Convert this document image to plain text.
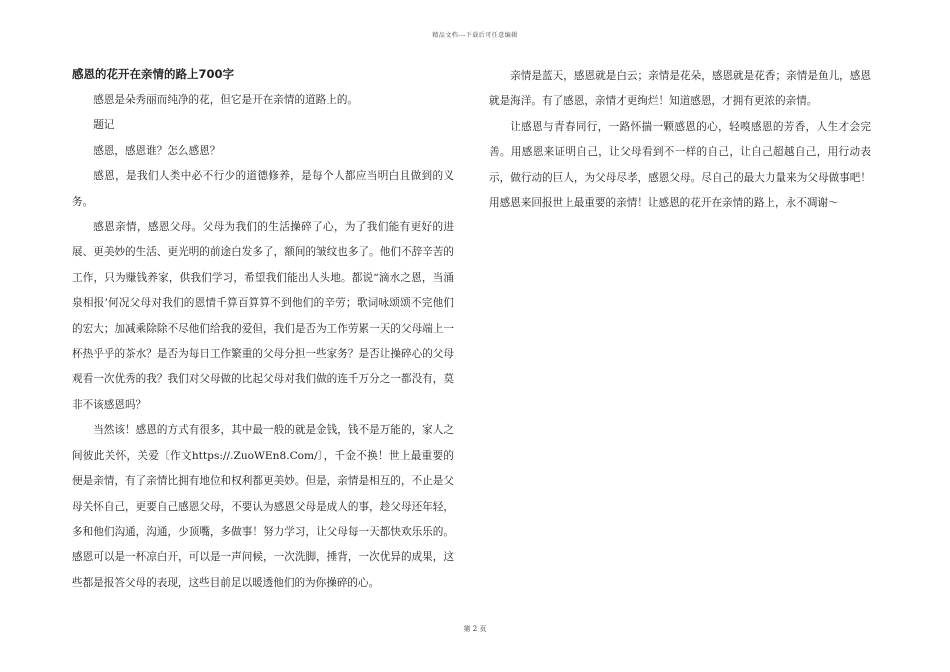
精品文档---下载后可任意编辑
感恩的花开在亲情的路上700字

感恩是朵秀丽而纯净的花，但它是开在亲情的道路上的。

题记

感恩，感恩谁？怎么感恩？

感恩，是我们人类中必不行少的道德修养，是每个人都应当明白且做到的义务。

感恩亲情，感恩父母。父母为我们的生活操碎了心，为了我们能有更好的进展、更美妙的生活、更光明的前途白发多了，额间的皱纹也多了。他们不辞辛苦的工作，只为赚钱养家，供我们学习，希望我们能出人头地。都说“滴水之恩，当涌泉相报’何况父母对我们的恩情千算百算算不到他们的辛劳；歌词咏颂颂不完他们的宏大；加减乘除除不尽他们给我的爱但，我们是否为工作劳累一天的父母端上一杯热乎乎的茶水？是否为每日工作繁重的父母分担一些家务？是否让操碎心的父母观看一次优秀的我？我们对父母做的比起父母对我们做的连千万分之一都没有，莫非不该感恩吗？

当然该！感恩的方式有很多，其中最一般的就是金钱，钱不是万能的，家人之间彼此关怀，关爱〔作文https://.ZuoWEn8.Com/〕，千金不换！世上最重要的便是亲情，有了亲情比拥有地位和权利都更美妙。但是，亲情是相互的，不止是父母关怀自己，更要自己感恩父母，不要认为感恩父母是成人的事，趁父母还年轻，多和他们沟通，沟通，少顶嘴，多做事！努力学习，让父母每一天都快欢乐乐的。感恩可以是一杯凉白开，可以是一声问候，一次洗脚，捶背，一次优异的成果，这些都是报答父母的表现，这些目前足以暖透他们的为你操碎的心。

亲情是蓝天，感恩就是白云；亲情是花朵，感恩就是花香；亲情是鱼儿，感恩就是海洋。有了感恩，亲情才更绚烂！知道感恩，才拥有更浓的亲情。

让感恩与青春同行，一路怀揣一颗感恩的心，轻嗅感恩的芳香，人生才会完善。用感恩来证明自己，让父母看到不一样的自己，让自己超越自己，用行动表示，做行动的巨人，为父母尽孝，感恩父母。尽自己的最大力量来为父母做事吧！用感恩来回报世上最重要的亲情！让感恩的花开在亲情的路上，永不凋谢～

第 2 页
